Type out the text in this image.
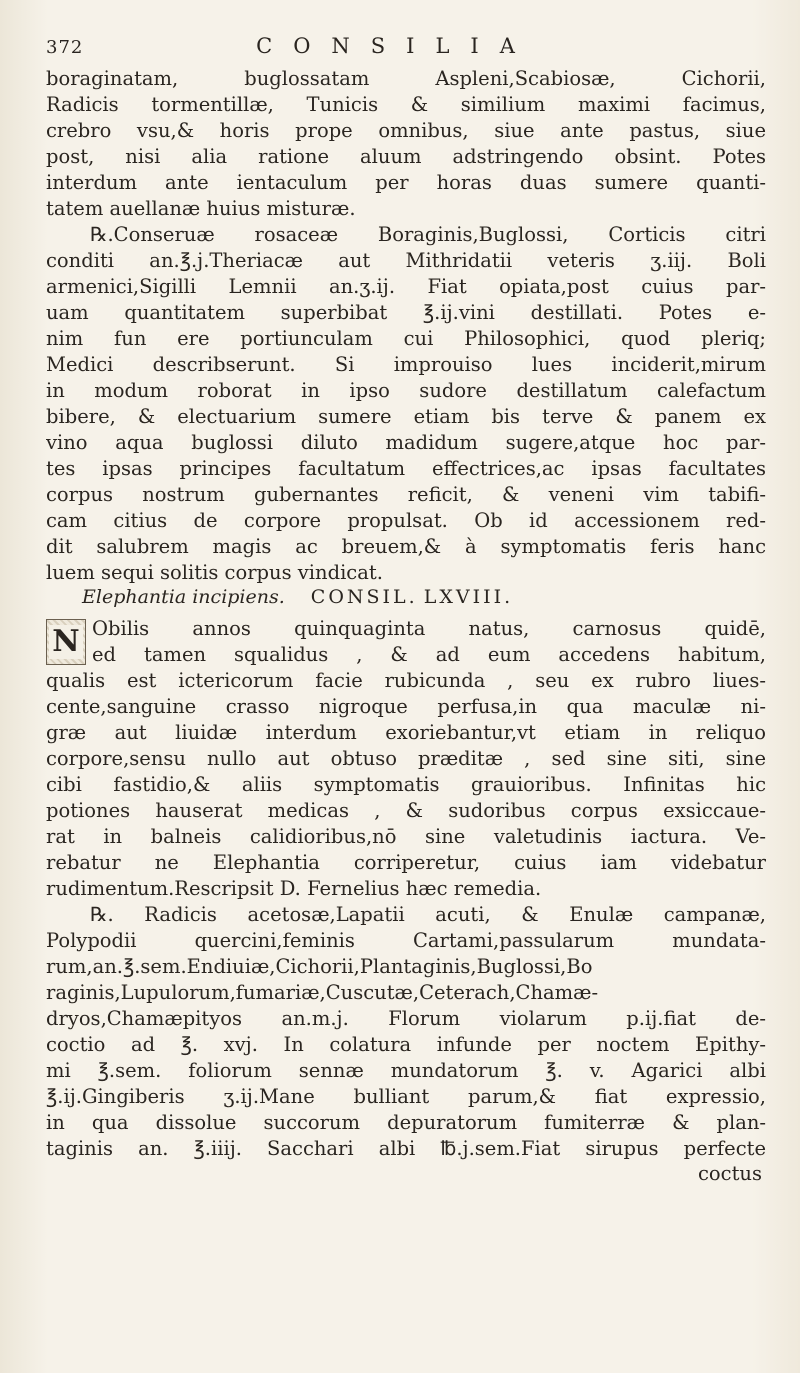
372	CONSILIA
boraginatam, buglossatam Aspleni,Scabiosæ, Cichorii,
Radicis tormentillæ, Tunicis & similium maximi facimus,
crebro vsu,& horis prope omnibus, siue ante pastus, siue
post, nisi alia ratione aluum adstringendo obsint. Potes
interdum ante ientaculum per horas duas sumere quanti-
tatem auellanæ huius misturæ.
℞.Conseruæ rosaceæ Boraginis,Buglossi, Corticis citri
conditi an.℥.j.Theriacæ aut Mithridatii veteris ʒ.iij. Boli
armenici,Sigilli Lemnii an.ʒ.ij. Fiat opiata,post cuius par-
uam quantitatem superbibat ℥.ij.vini destillati. Potes e-
nim fun ere portiunculam cui Philosophici, quod pleriq;
Medici describserunt. Si improuiso lues inciderit,mirum
in modum roborat in ipso sudore destillatum calefactum
bibere, & electuarium sumere etiam bis terve & panem ex
vino aqua buglossi diluto madidum sugere,atque hoc par-
tes ipsas principes facultatum effectrices,ac ipsas facultates
corpus nostrum gubernantes reficit, & veneni vim tabifi-
cam citius de corpore propulsat. Ob id accessionem red-
dit salubrem magis ac breuem,& à symptomatis feris hanc
luem sequi solitis corpus vindicat.
Elephantia incipiens. CONSIL.
LXVIII.
N Obilis annos quinquaginta natus, carnosus quidē,
ed tamen squalidus , & ad eum accedens habitum,
qualis est ictericorum facie rubicunda , seu ex rubro liues-
cente,sanguine crasso nigroque perfusa,in qua maculæ ni-
græ aut liuidæ interdum exoriebantur,vt etiam in reliquo
corpore,sensu nullo aut obtuso præditæ , sed sine siti, sine
cibi fastidio,& aliis symptomatis grauioribus. Infinitas hic
potiones hauserat medicas , & sudoribus corpus exsiccaue-
rat in balneis calidioribus,nō sine valetudinis iactura. Ve-
rebatur ne Elephantia corriperetur, cuius iam videbatur
rudimentum.Rescripsit D. Fernelius hæc remedia.
℞. Radicis acetosæ,Lapatii acuti, & Enulæ campanæ,
Polypodii quercini,feminis Cartami,passularum mundata-
rum,an.℥.sem.Endiuiæ,Cichorii,Plantaginis,Buglossi,Bo
raginis,Lupulorum,fumariæ,Cuscutæ,Ceterach,Chamæ-
dryos,Chamæpityos an.m.j. Florum violarum p.ij.fiat de-
coctio ad ℥. xvj. In colatura infunde per noctem Epithy-
mi ℥.sem. foliorum sennæ mundatorum ℥. v. Agarici albi
℥.ij.Gingiberis ʒ.ij.Mane bulliant parum,& fiat expressio,
in qua dissolue succorum depuratorum fumiterræ & plan-
taginis an. ℥.iiij. Sacchari albi ℔.j.sem.Fiat sirupus perfecte
coctus
